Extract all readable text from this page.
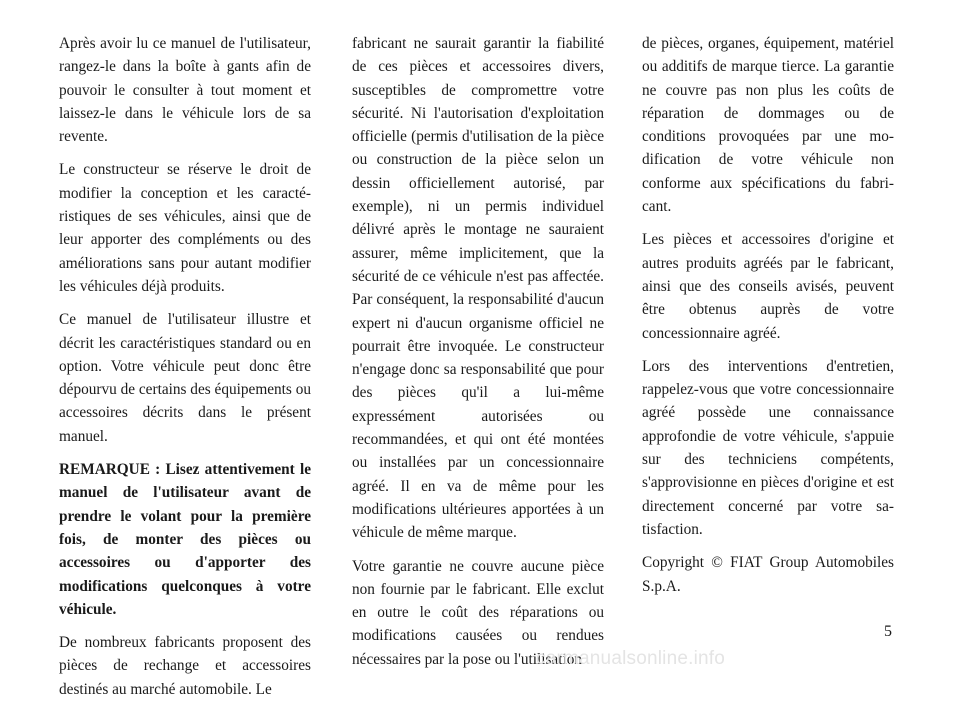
Après avoir lu ce manuel de l'utilisateur, rangez-le dans la boîte à gants afin de pouvoir le consulter à tout moment et laissez-le dans le véhicule lors de sa revente.

Le constructeur se réserve le droit de modifier la conception et les caractéristiques de ses véhicules, ainsi que de leur apporter des compléments ou des améliorations sans pour autant modifier les véhicules déjà produits.

Ce manuel de l'utilisateur illustre et décrit les caractéristiques standard ou en option. Votre véhicule peut donc être dépourvu de certains des équipements ou accessoires décrits dans le présent manuel.

REMARQUE : Lisez attentivement le manuel de l'utilisateur avant de prendre le volant pour la première fois, de monter des pièces ou accessoires ou d'apporter des modifications quelconques à votre véhicule.

De nombreux fabricants proposent des pièces de rechange et accessoires destinés au marché automobile. Le

fabricant ne saurait garantir la fiabilité de ces pièces et accessoires divers, susceptibles de compromettre votre sécurité. Ni l'autorisation d'exploitation officielle (permis d'utilisation de la pièce ou construction de la pièce selon un dessin officiellement autorisé, par exemple), ni un permis individuel délivré après le montage ne sauraient assurer, même implicitement, que la sécurité de ce véhicule n'est pas affectée. Par conséquent, la responsabilité d'aucun expert ni d'aucun organisme officiel ne pourrait être invoquée. Le constructeur n'engage donc sa responsabilité que pour des pièces qu'il a lui-même expressément autorisées ou recommandées, et qui ont été montées ou installées par un concessionnaire agréé. Il en va de même pour les modifications ultérieures apportées à un véhicule de même marque.

Votre garantie ne couvre aucune pièce non fournie par le fabricant. Elle exclut en outre le coût des réparations ou modifications causées ou rendues nécessaires par la pose ou l'utilisation

de pièces, organes, équipement, matériel ou additifs de marque tierce. La garantie ne couvre pas non plus les coûts de réparation de dommages ou de conditions provoquées par une modification de votre véhicule non conforme aux spécifications du fabricant.

Les pièces et accessoires d'origine et autres produits agréés par le fabricant, ainsi que des conseils avisés, peuvent être obtenus auprès de votre concessionnaire agréé.

Lors des interventions d'entretien, rappelez-vous que votre concessionnaire agréé possède une connaissance approfondie de votre véhicule, s'appuie sur des techniciens compétents, s'approvisionne en pièces d'origine et est directement concerné par votre satisfaction.

Copyright © FIAT Group Automobiles S.p.A.

5
carmanualsonline.info
